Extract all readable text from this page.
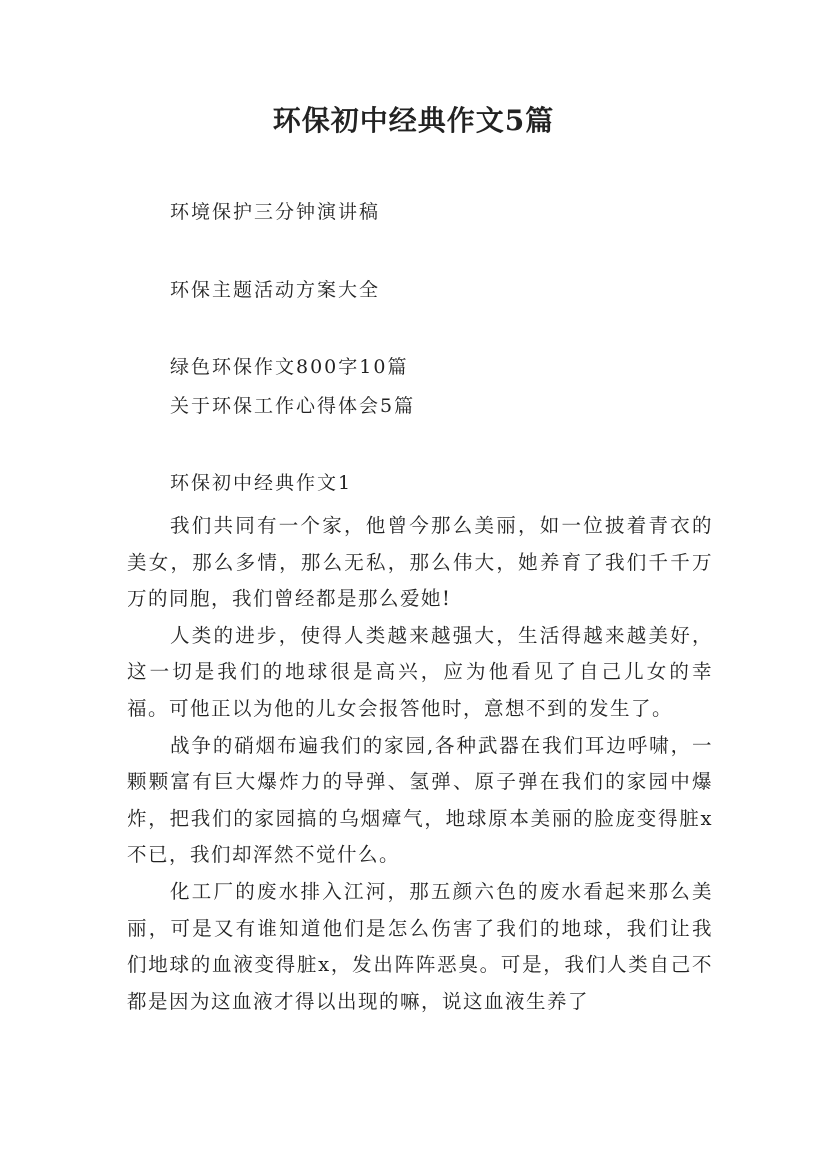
环保初中经典作文5篇
环境保护三分钟演讲稿
环保主题活动方案大全
绿色环保作文800字10篇
关于环保工作心得体会5篇
环保初中经典作文1

我们共同有一个家，他曾今那么美丽，如一位披着青衣的美女，那么多情，那么无私，那么伟大，她养育了我们千千万万的同胞，我们曾经都是那么爱她!

人类的进步，使得人类越来越强大，生活得越来越美好，这一切是我们的地球很是高兴，应为他看见了自己儿女的幸福。可他正以为他的儿女会报答他时，意想不到的发生了。

战争的硝烟布遍我们的家园,各种武器在我们耳边呼啸，一颗颗富有巨大爆炸力的导弹、氢弹、原子弹在我们的家园中爆炸，把我们的家园搞的乌烟瘴气，地球原本美丽的脸庞变得脏x不已，我们却浑然不觉什么。

化工厂的废水排入江河，那五颜六色的废水看起来那么美丽，可是又有谁知道他们是怎么伤害了我们的地球，我们让我们地球的血液变得脏x，发出阵阵恶臭。可是，我们人类自己不都是因为这血液才得以出现的嘛，说这血液生养了
